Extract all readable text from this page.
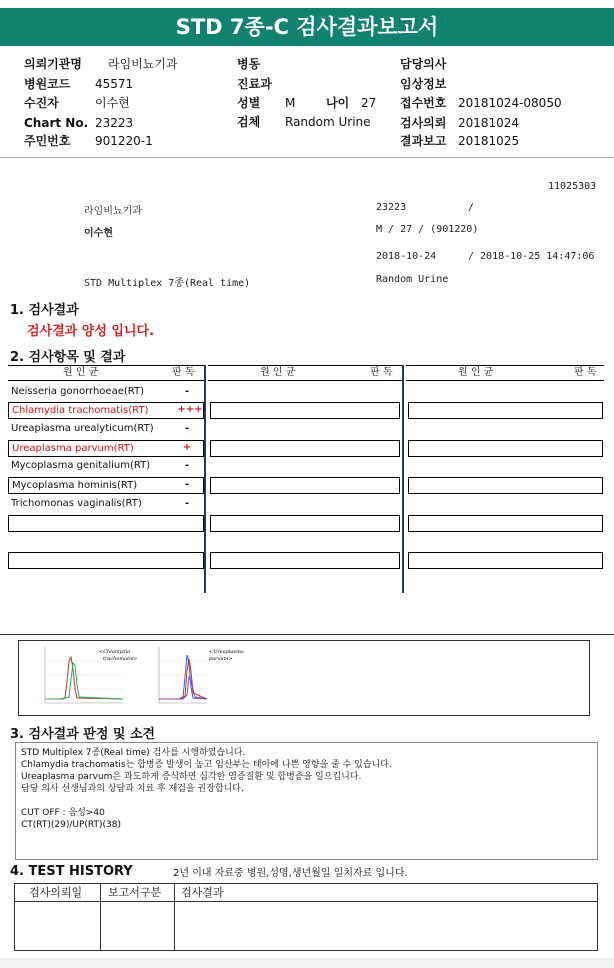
STD 7종-C 검사결과보고서
의뢰기관명 라임비뇨기과	병동	담당의사
병원코드 45571	진료과	임상정보
수진자	이수현	성별 M	나이 27 접수번호 20181024-08050
Chart No. 23223	검체 Random Urine 검사의뢰 20181024
주민번호 901220-1	결과보고 20181025
11025303
라임비뇨기과	23223	/
이수현	M / 27 / (901220)
2018-10-24	/ 2018-10-25 14:47:06
STD Multiplex 7종(Real time)	Random Urine
1. 검사결과
검사결과 양성 입니다.
2. 검사항목 및 결과
원 인 균	판 독	원 인 균	판 독	원 인 균	판 독
Neisseria gonorrhoeae(RT)	-
Chlamydia trachomatis(RT)	+++
Ureaplasma urealyticum(RT)	-
Ureaplasma parvum(RT)	+
Mycoplasma genitalium(RT)	-
Mycoplasma hominis(RT)	-
Trichomonas vaginalis(RT)	-
<Chlamydia
trachomatis>
<Ureaplasma
parvum>
3. 검사결과 판정 및 소견
STD Multiplex 7종(Real time) 검사를 시행하였습니다.
Chlamydia trachomatis는 합병증 발생이 높고 임산부는 태아에 나쁜 영향을 줄 수 있습니다.
Ureaplasma parvum은 과도하게 증식하면 심각한 염증질환 및 합병증을 일으킵니다.
담당 의사 선생님과의 상담과 치료 후 재검을 권장합니다.
CUT OFF : 음성>40
CT(RT)(29)/UP(RT)(38)
4. TEST HISTORY	2년 이내 자료중 병원,성명,생년월일 일치자료 입니다.
검사의뢰일 보고서구분 검사결과
